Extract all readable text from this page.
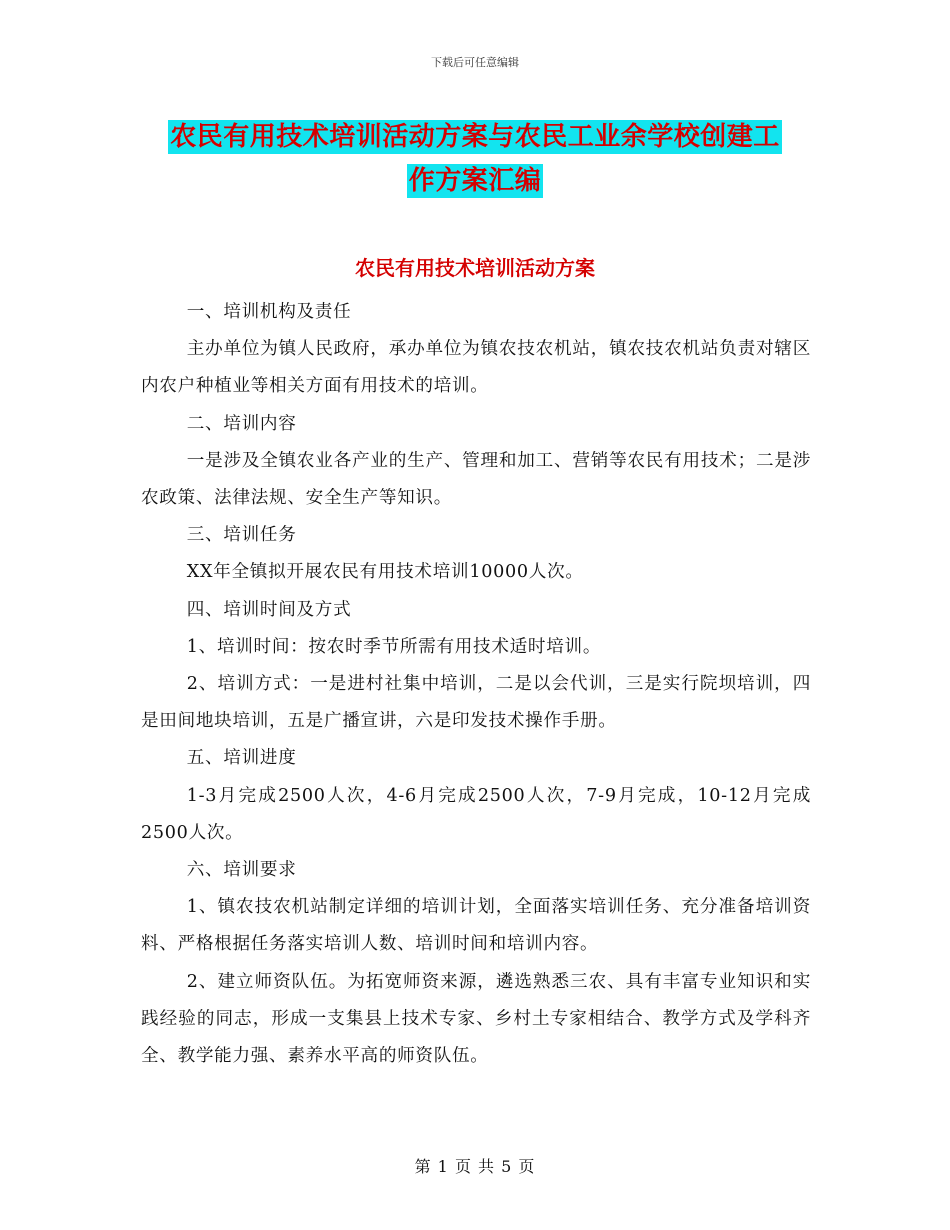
下载后可任意编辑
农民有用技术培训活动方案与农民工业余学校创建工
作方案汇编
农民有用技术培训活动方案

一、培训机构及责任

主办单位为镇人民政府，承办单位为镇农技农机站，镇农技农机站负责对辖区内农户种植业等相关方面有用技术的培训。

二、培训内容

一是涉及全镇农业各产业的生产、管理和加工、营销等农民有用技术；二是涉农政策、法律法规、安全生产等知识。

三、培训任务

XX年全镇拟开展农民有用技术培训10000人次。

四、培训时间及方式

1、培训时间：按农时季节所需有用技术适时培训。

2、培训方式：一是进村社集中培训，二是以会代训，三是实行院坝培训，四是田间地块培训，五是广播宣讲，六是印发技术操作手册。

五、培训进度

1-3月完成2500人次，4-6月完成2500人次，7-9月完成，10-12月完成2500人次。

六、培训要求

1、镇农技农机站制定详细的培训计划，全面落实培训任务、充分准备培训资料、严格根据任务落实培训人数、培训时间和培训内容。

2、建立师资队伍。为拓宽师资来源，遴选熟悉三农、具有丰富专业知识和实践经验的同志，形成一支集县上技术专家、乡村土专家相结合、教学方式及学科齐全、教学能力强、素养水平高的师资队伍。

第 1 页 共 5 页
